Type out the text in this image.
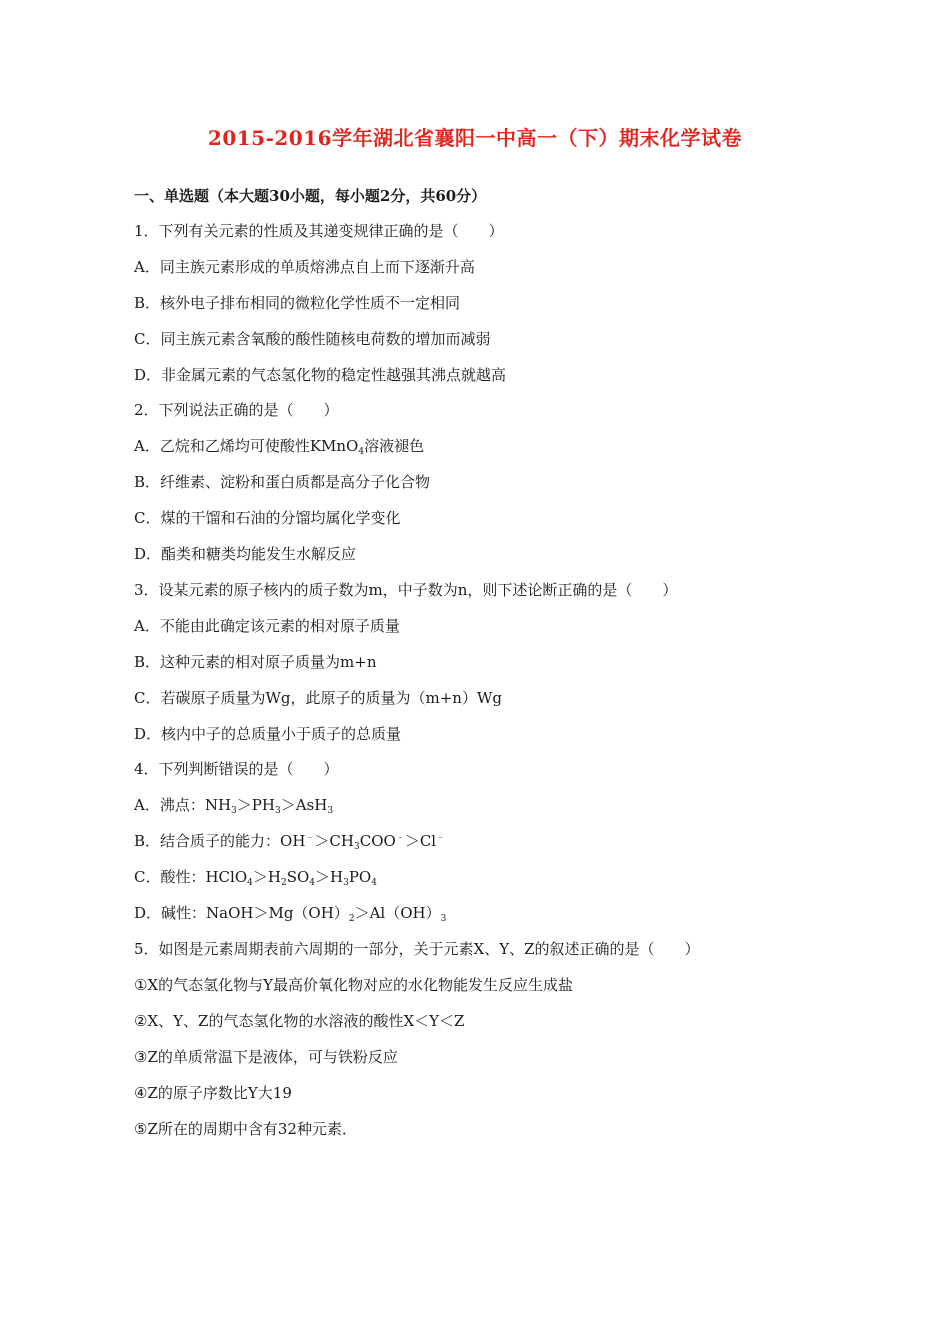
2015-2016学年湖北省襄阳一中高一（下）期末化学试卷
一、单选题（本大题30小题，每小题2分，共60分）
1．下列有关元素的性质及其递变规律正确的是（　　）
A．同主族元素形成的单质熔沸点自上而下逐渐升高
B．核外电子排布相同的微粒化学性质不一定相同
C．同主族元素含氧酸的酸性随核电荷数的增加而减弱
D．非金属元素的气态氢化物的稳定性越强其沸点就越高
2．下列说法正确的是（　　）
A．乙烷和乙烯均可使酸性KMnO$_4$溶液褪色
B．纤维素、淀粉和蛋白质都是高分子化合物
C．煤的干馏和石油的分馏均属化学变化
D．酯类和糖类均能发生水解反应
3．设某元素的原子核内的质子数为m，中子数为n，则下述论断正确的是（　　）
A．不能由此确定该元素的相对原子质量
B．这种元素的相对原子质量为m+n
C．若碳原子质量为Wg，此原子的质量为（m+n）Wg
D．核内中子的总质量小于质子的总质量
4．下列判断错误的是（　　）
A．沸点：$NH_3>PH_3>AsH_3$
B．结合质子的能力：$OH^﹣>CH_3COO^﹣>Cl^﹣$
C．酸性：$HClO_4>H_2SO_4>H_3PO_4$
D．碱性：$NaOH>Mg(OH)_2>Al(OH)_3$
5．如图是元素周期表前六周期的一部分，关于元素X、Y、Z的叙述正确的是（　　）
①X的气态氢化物与Y最高价氧化物对应的水化物能发生反应生成盐
②X、Y、Z的气态氢化物的水溶液的酸性X＜Y＜Z
③Z的单质常温下是液体，可与铁粉反应
④Z的原子序数比Y大19
⑤Z所在的周期中含有32种元素．
